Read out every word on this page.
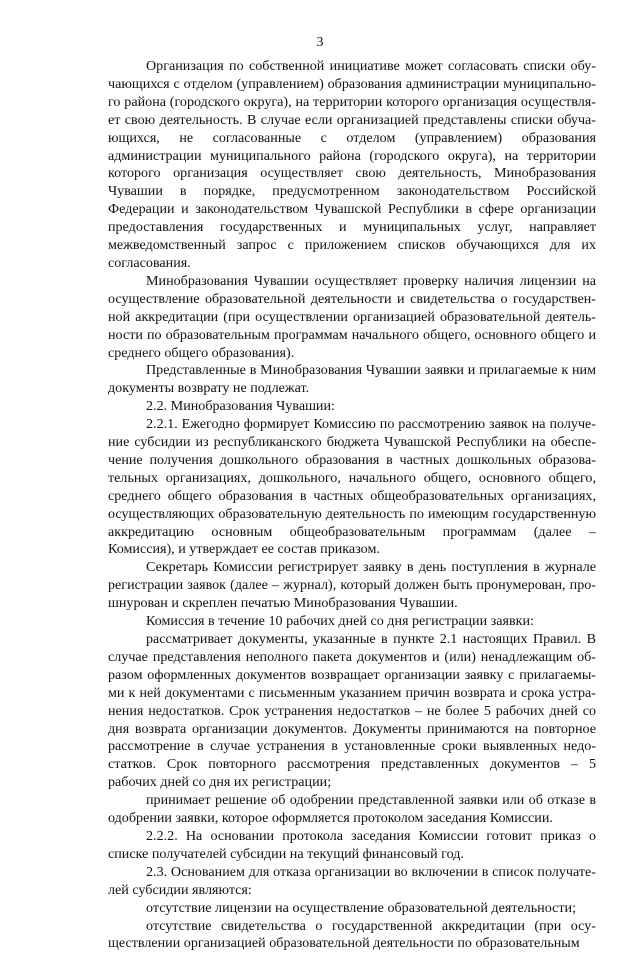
3

Организация по собственной инициативе может согласовать списки обучающихся с отделом (управлением) образования администрации муниципального района (городского округа), на территории которого организация осуществляет свою деятельность. В случае если организацией представлены списки обучающихся, не согласованные с отделом (управлением) образования администрации муниципального района (городского округа), на территории которого организация осуществляет свою деятельность, Минобразования Чувашии в порядке, предусмотренном законодательством Российской Федерации и законодательством Чувашской Республики в сфере организации предоставления государственных и муниципальных услуг, направляет межведомственный запрос с приложением списков обучающихся для их согласования.

Минобразования Чувашии осуществляет проверку наличия лицензии на осуществление образовательной деятельности и свидетельства о государственной аккредитации (при осуществлении организацией образовательной деятельности по образовательным программам начального общего, основного общего и среднего общего образования).

Представленные в Минобразования Чувашии заявки и прилагаемые к ним документы возврату не подлежат.

2.2. Минобразования Чувашии:

2.2.1. Ежегодно формирует Комиссию по рассмотрению заявок на получение субсидии из республиканского бюджета Чувашской Республики на обеспечение получения дошкольного образования в частных дошкольных образовательных организациях, дошкольного, начального общего, основного общего, среднего общего образования в частных общеобразовательных организациях, осуществляющих образовательную деятельность по имеющим государственную аккредитацию основным общеобразовательным программам (далее – Комиссия), и утверждает ее состав приказом.

Секретарь Комиссии регистрирует заявку в день поступления в журнале регистрации заявок (далее – журнал), который должен быть пронумерован, прошнурован и скреплен печатью Минобразования Чувашии.

Комиссия в течение 10 рабочих дней со дня регистрации заявки:

рассматривает документы, указанные в пункте 2.1 настоящих Правил. В случае представления неполного пакета документов и (или) ненадлежащим образом оформленных документов возвращает организации заявку с прилагаемыми к ней документами с письменным указанием причин возврата и срока устранения недостатков. Срок устранения недостатков – не более 5 рабочих дней со дня возврата организации документов. Документы принимаются на повторное рассмотрение в случае устранения в установленные сроки выявленных недостатков. Срок повторного рассмотрения представленных документов – 5 рабочих дней со дня их регистрации;

принимает решение об одобрении представленной заявки или об отказе в одобрении заявки, которое оформляется протоколом заседания Комиссии.

2.2.2. На основании протокола заседания Комиссии готовит приказ о списке получателей субсидии на текущий финансовый год.

2.3. Основанием для отказа организации во включении в список получателей субсидии являются:

отсутствие лицензии на осуществление образовательной деятельности;

отсутствие свидетельства о государственной аккредитации (при осуществлении организацией образовательной деятельности по образовательным
